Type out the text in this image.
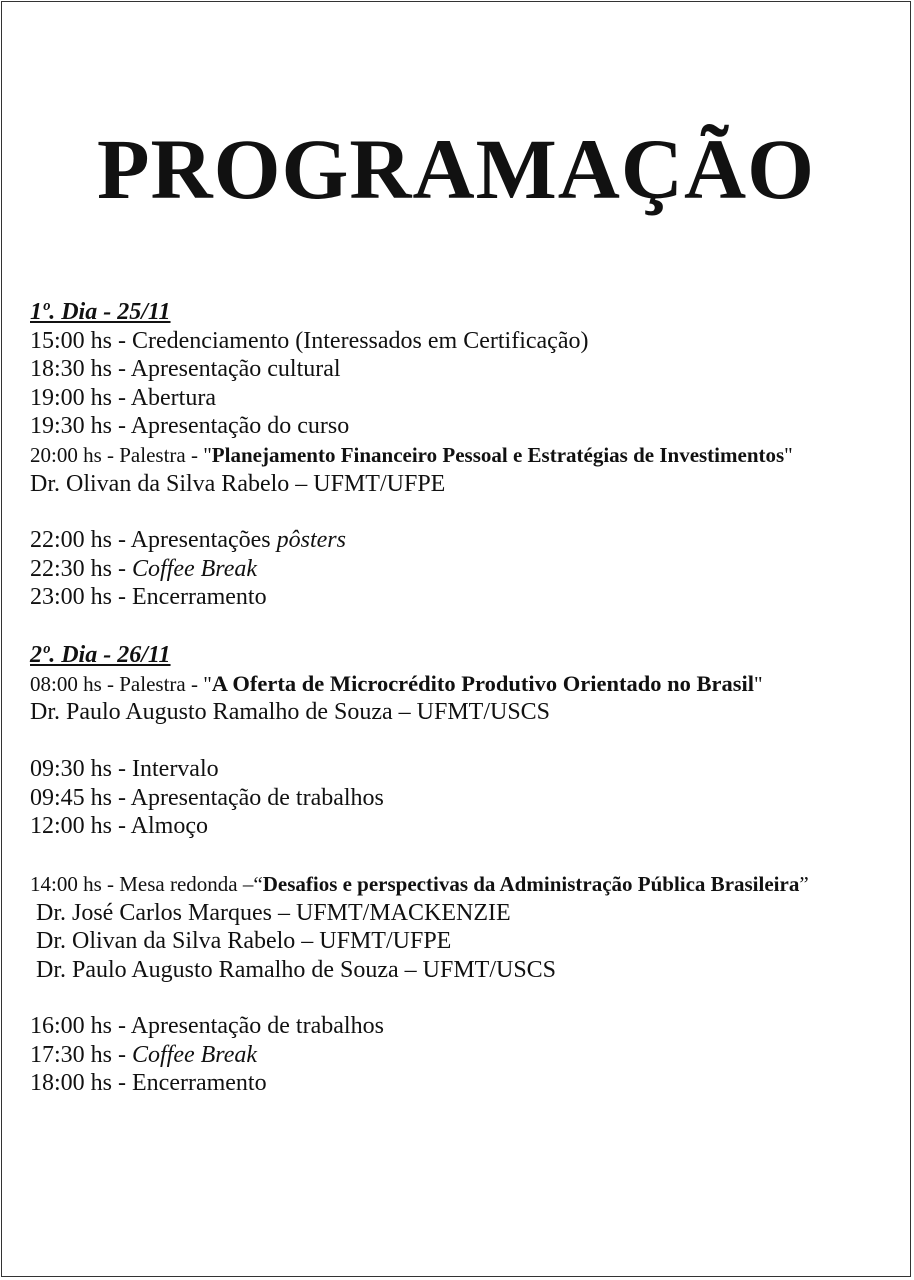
PROGRAMAÇÃO
1º. Dia - 25/11
15:00 hs - Credenciamento (Interessados em Certificação)
18:30 hs - Apresentação cultural
19:00 hs - Abertura
19:30 hs - Apresentação do curso
20:00 hs - Palestra - "Planejamento Financeiro Pessoal e Estratégias de Investimentos"
Dr. Olivan da Silva Rabelo – UFMT/UFPE
22:00 hs - Apresentações pôsters
22:30 hs - Coffee Break
23:00 hs - Encerramento
2º. Dia - 26/11
08:00 hs - Palestra - "A Oferta de Microcrédito Produtivo Orientado no Brasil"
Dr. Paulo Augusto Ramalho de Souza – UFMT/USCS
09:30 hs - Intervalo
09:45 hs - Apresentação de trabalhos
12:00 hs - Almoço
14:00 hs - Mesa redonda –“Desafios e perspectivas da Administração Pública Brasileira”
Dr. José Carlos Marques – UFMT/MACKENZIE
Dr. Olivan da Silva Rabelo – UFMT/UFPE
Dr. Paulo Augusto Ramalho de Souza – UFMT/USCS
16:00 hs - Apresentação de trabalhos
17:30 hs - Coffee Break
18:00 hs - Encerramento
